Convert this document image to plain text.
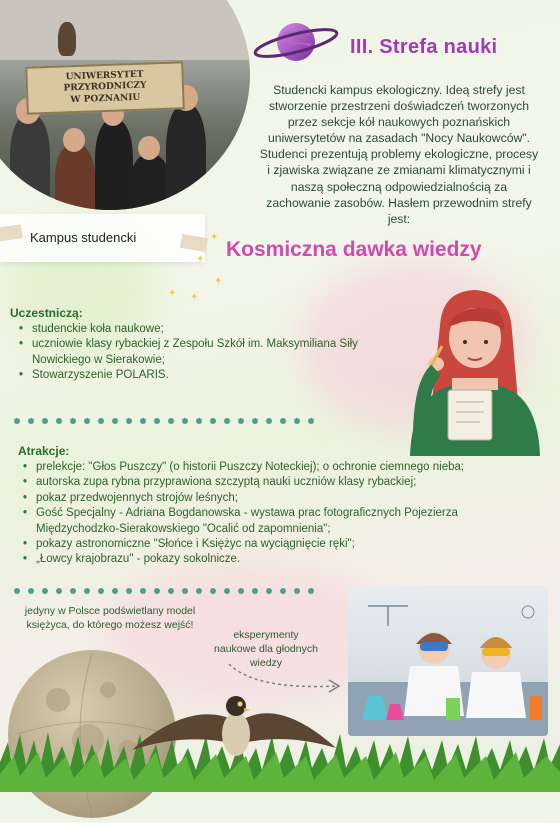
UNIWERSYTET PRZYRODNICZY
W POZNANIU
Kampus studencki
III. Strefa nauki
Studencki kampus ekologiczny. Ideą strefy jest stworzenie przestrzeni doświadczeń tworzonych przez sekcje kół naukowych poznańskich uniwersytetów na zasadach "Nocy Naukowców". Studenci prezentują problemy ekologiczne, procesy i zjawiska związane ze zmianami klimatycznymi i naszą społeczną odpowiedzialnością za zachowanie zasobów. Hasłem przewodnim strefy jest:
✦
✦
✦
✦
✦
Kosmiczna dawka wiedzy
Uczestniczą:
• studenckie koła naukowe;
• uczniowie klasy rybackiej z Zespołu Szkół im. Maksymiliana Siły Nowickiego w Sierakowie;
• Stowarzyszenie POLARIS.
Atrakcje:
• prelekcje: "Głos Puszczy" (o historii Puszczy Noteckiej); o ochronie ciemnego nieba;
• autorska zupa rybna przyprawiona szczyptą nauki uczniów klasy rybackiej;
• pokaz przedwojennych strojów leśnych;
• Gość Specjalny - Adriana Bogdanowska - wystawa prac fotograficznych Pojezierza Międzychodzko-Sierakowskiego "Ocalić od zapomnienia";
• pokazy astronomiczne "Słońce i Księżyc na wyciągnięcie ręki";
• „Łowcy krajobrazu" - pokazy sokolnicze.
jedyny w Polsce podświetlany model księżyca, do którego możesz wejść!
eksperymenty naukowe dla głodnych wiedzy
